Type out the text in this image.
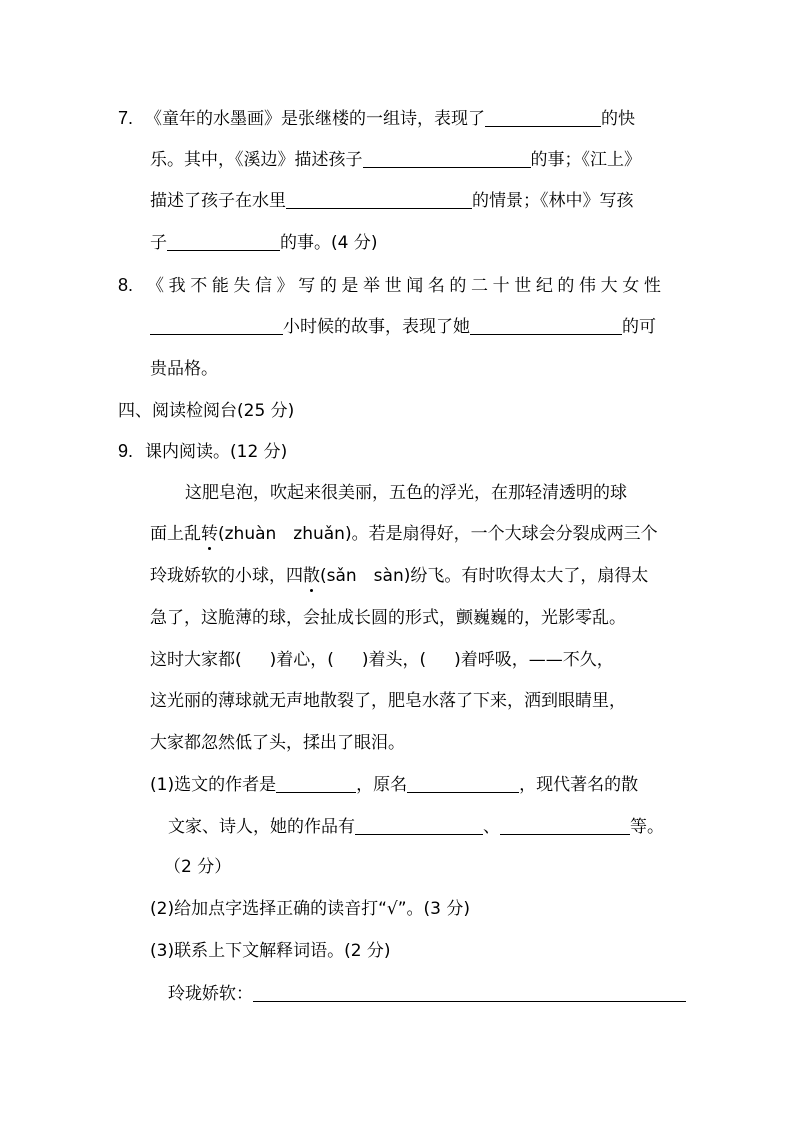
7. 《童年的水墨画》是张继楼的一组诗，表现了	的快
乐。其中，《溪边》描述孩子	的事；《江上》
描述了孩子在水里	的情景；《林中》写孩
子	的事。(4 分)
8. 《我不能失信》写的是举世闻名的二十世纪的伟大女性
小时候的故事，表现了她	的可
贵品格。
四、阅读检阅台(25 分)
9. 课内阅读。(12 分)
这肥皂泡，吹起来很美丽，五色的浮光，在那轻清透明的球
面上乱转(zhuàn　zhuǎn)。若是扇得好，一个大球会分裂成两三个
玲珑娇软的小球，四散(sǎn　sàn)纷飞。有时吹得太大了，扇得太
急了，这脆薄的球，会扯成长圆的形式，颤巍巍的，光影零乱。
这时大家都( )着心，( )着头，( )着呼吸，——不久，
这光丽的薄球就无声地散裂了，肥皂水落了下来，洒到眼睛里，
大家都忽然低了头，揉出了眼泪。
(1)选文的作者是	，原名	，现代著名的散
文家、诗人，她的作品有	、	等。
（2 分）
(2)给加点字选择正确的读音打“√”。(3 分)
(3)联系上下文解释词语。(2 分)
玲珑娇软：
